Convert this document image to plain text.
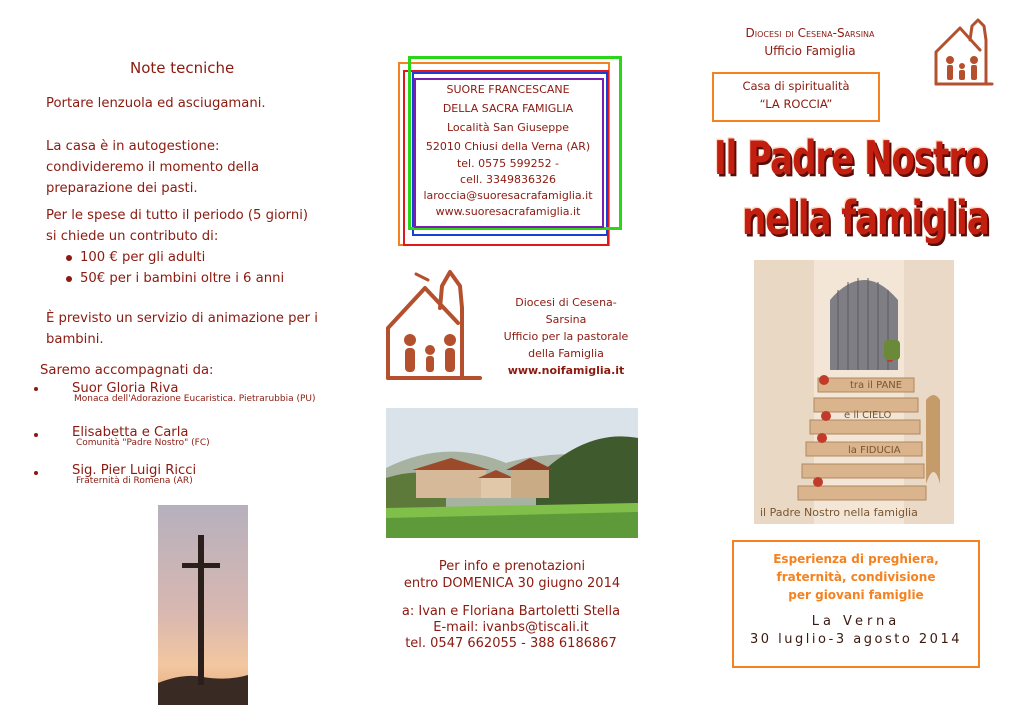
Note tecniche
Portare lenzuola ed asciugamani.
La casa è in autogestione:
condivideremo il momento della
preparazione dei pasti.
Per le spese di tutto il periodo (5 giorni)
si chiede un contributo di:
100 € per gli adulti
50€ per i bambini oltre i 6 anni
È previsto un servizio di animazione per i
bambini.
Saremo accompagnati da:
Suor Gloria Riva
Monaca dell'Adorazione Eucaristica. Pietrarubbia (PU)
Elisabetta e Carla
Comunità "Padre Nostro" (FC)
Sig. Pier Luigi Ricci
Fraternità di Romena (AR)
SUORE FRANCESCANE
DELLA SACRA FAMIGLIA
Località San Giuseppe
52010 Chiusi della Verna (AR)
tel. 0575 599252 -
cell. 3349836326
laroccia@suoresacrafamiglia.it
www.suoresacrafamiglia.it
Diocesi di Cesena-Sarsina
Ufficio per la pastorale
della Famiglia
www.noifamiglia.it
Per info e prenotazioni
entro DOMENICA 30 giugno 2014
a: Ivan e Floriana Bartoletti Stella
E-mail: ivanbs@tiscali.it
tel. 0547 662055 - 388 6186867
Diocesi di Cesena-Sarsina
Ufficio Famiglia
Casa di spiritualità
“LA ROCCIA”
Il Padre Nostro
nella famiglia
tra il PANE
e il CIELO
la FIDUCIA
il Padre Nostro nella famiglia
Esperienza di preghiera,
fraternità, condivisione
per giovani famiglie
La Verna
30 luglio-3 agosto 2014
